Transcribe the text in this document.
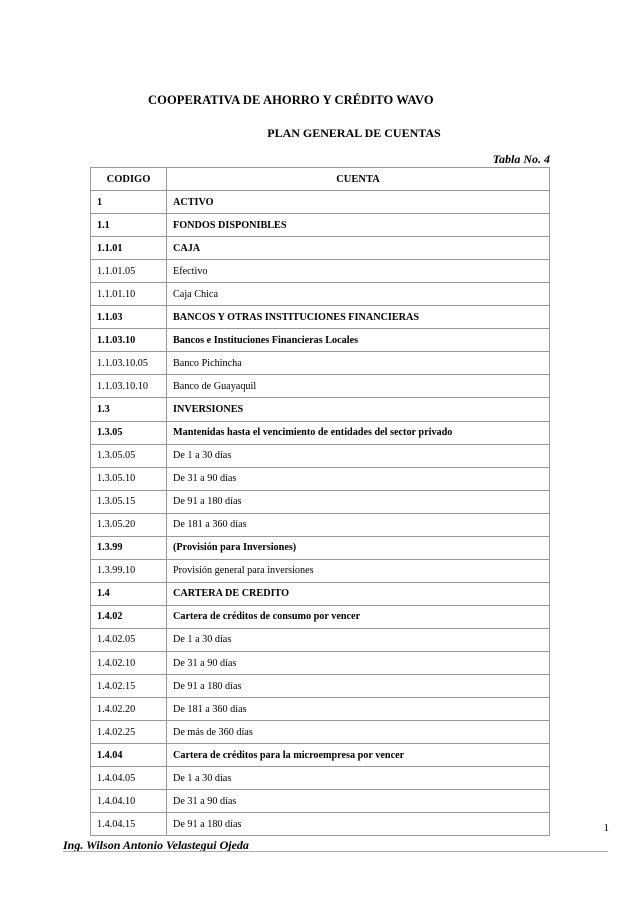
COOPERATIVA DE AHORRO Y CRÉDITO WAVO
PLAN GENERAL DE CUENTAS
Tabla No. 4
CODIGO	CUENTA
1	ACTIVO
1.1	FONDOS DISPONIBLES
1.1.01	CAJA
1.1.01.05	Efectivo
1.1.01.10	Caja Chica
1.1.03	BANCOS Y OTRAS INSTITUCIONES FINANCIERAS
1.1.03.10	Bancos e Instituciones Financieras Locales
1.1.03.10.05	Banco Pichincha
1.1.03.10.10	Banco de Guayaquil
1.3	INVERSIONES
1.3.05	Mantenidas hasta el vencimiento de entidades del sector privado
1.3.05.05	De 1 a 30 días
1.3.05.10	De 31 a 90 días
1.3.05.15	De 91 a 180 días
1.3.05.20	De 181 a 360 días
1.3.99	(Provisión para Inversiones)
1.3.99.10	Provisión general para inversiones
1.4	CARTERA DE CREDITO
1.4.02	Cartera de créditos de consumo por vencer
1.4.02.05	De 1 a 30 días
1.4.02.10	De 31 a 90 días
1.4.02.15	De 91 a 180 días
1.4.02.20	De 181 a 360 días
1.4.02.25	De más de 360 días
1.4.04	Cartera de créditos para la microempresa por vencer
1.4.04.05	De 1 a 30 días
1.4.04.10	De 31 a 90 días
1.4.04.15	De 91 a 180 días	1
Ing. Wilson Antonio Velastegui Ojeda
